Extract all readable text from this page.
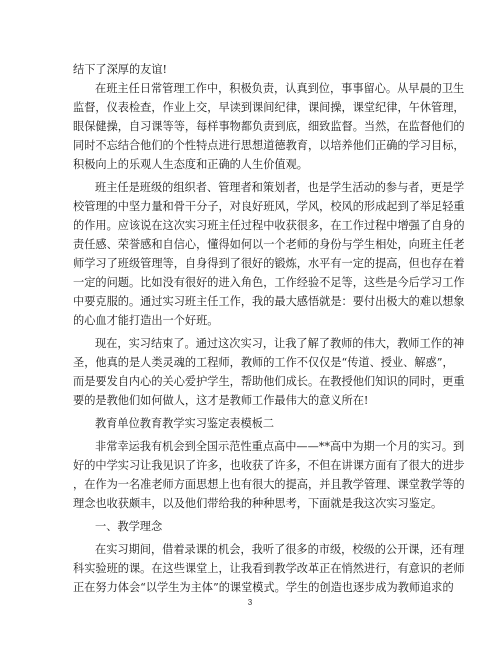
结下了深厚的友谊!
在班主任日常管理工作中，积极负责，认真到位，事事留心。从早晨的卫生
监督，仪表检查，作业上交，早读到课间纪律，课间操，课堂纪律，午休管理，
眼保健操，自习课等等，每样事物都负责到底，细致监督。当然，在监督他们的
同时不忘结合他们的个性特点进行思想道德教育，以培养他们正确的学习目标，
积极向上的乐观人生态度和正确的人生价值观。
班主任是班级的组织者、管理者和策划者，也是学生活动的参与者，更是学
校管理的中坚力量和骨干分子，对良好班风，学风，校风的形成起到了举足轻重
的作用。应该说在这次实习班主任过程中收获很多，在工作过程中增强了自身的
责任感、荣誉感和自信心，懂得如何以一个老师的身份与学生相处，向班主任老
师学习了班级管理等，自身得到了很好的锻炼，水平有一定的提高，但也存在着
一定的问题。比如没有很好的进入角色，工作经验不足等，这些是今后学习工作
中要克服的。通过实习班主任工作，我的最大感悟就是：要付出极大的难以想象
的心血才能打造出一个好班。
现在，实习结束了。通过这次实习，让我了解了教师的伟大，教师工作的神
圣，他真的是人类灵魂的工程师，教师的工作不仅仅是“传道、授业、解惑”，
而是要发自内心的关心爱护学生，帮助他们成长。在教授他们知识的同时，更重
要的是教他们如何做人，这才是教师工作最伟大的意义所在!
教育单位教育教学实习鉴定表模板二
非常幸运我有机会到全国示范性重点高中——**高中为期一个月的实习。到
好的中学实习让我见识了许多，也收获了许多，不但在讲课方面有了很大的进步
，在作为一名准老师方面思想上也有很大的提高，并且教学管理、课堂教学等的
理念也收获颇丰，以及他们带给我的种种思考，下面就是我这次实习鉴定。
一、教学理念
在实习期间，借着录课的机会，我听了很多的市级，校级的公开课，还有理
科实验班的课。在这些课堂上，让我看到教学改革正在悄然进行，有意识的老师
正在努力体会“以学生为主体”的课堂模式。学生的创造也逐步成为教师追求的
3
